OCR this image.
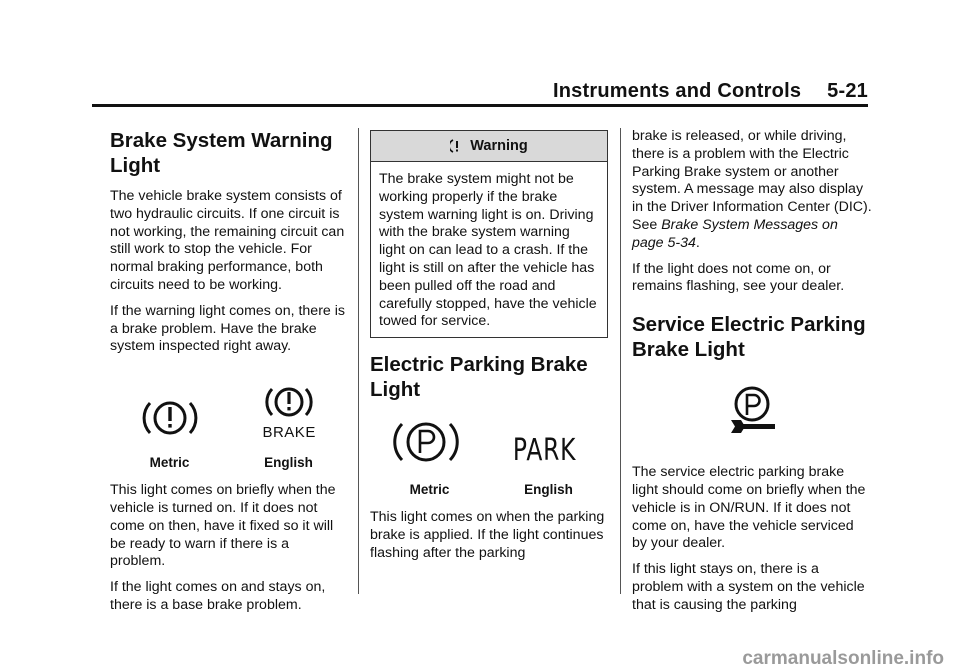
Instruments and Controls 5-21
Brake System Warning Light

The vehicle brake system consists of two hydraulic circuits. If one circuit is not working, the remaining circuit can still work to stop the vehicle. For normal braking performance, both circuits need to be working.

If the warning light comes on, there is a brake problem. Have the brake system inspected right away.

BRAKE
Metric	English

This light comes on briefly when the vehicle is turned on. If it does not come on then, have it fixed so it will be ready to warn if there is a problem.

If the light comes on and stays on, there is a base brake problem.

Warning

The brake system might not be working properly if the brake system warning light is on. Driving with the brake system warning light on can lead to a crash. If the light is still on after the vehicle has been pulled off the road and carefully stopped, have the vehicle towed for service.

Electric Parking Brake Light
PARK
Metric	English

This light comes on when the parking brake is applied. If the light continues flashing after the parking

brake is released, or while driving, there is a problem with the Electric Parking Brake system or another system. A message may also display in the Driver Information Center (DIC). See Brake System Messages on page 5-34.

If the light does not come on, or remains flashing, see your dealer.

Service Electric Parking Brake Light

The service electric parking brake light should come on briefly when the vehicle is in ON/RUN. If it does not come on, have the vehicle serviced by your dealer.

If this light stays on, there is a problem with a system on the vehicle that is causing the parking

carmanualsonline.info
